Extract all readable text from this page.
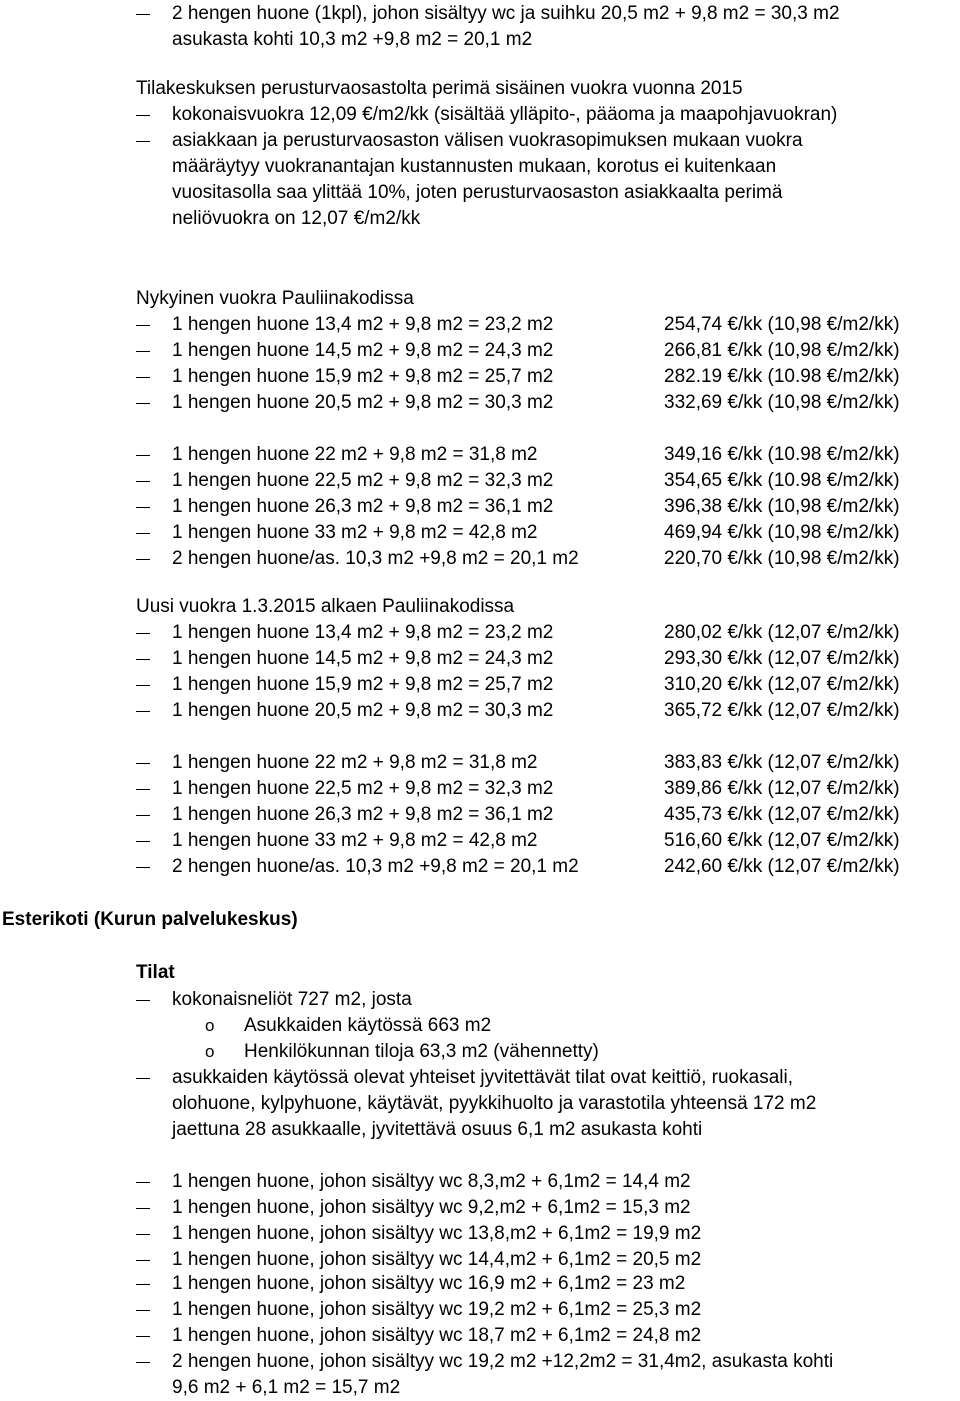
2 hengen huone (1kpl), johon sisältyy wc ja suihku 20,5 m2 + 9,8 m2 = 30,3 m2
asukasta kohti 10,3 m2 +9,8 m2 = 20,1 m2
Tilakeskuksen perusturvaosastolta perimä sisäinen vuokra vuonna 2015
kokonaisvuokra 12,09 €/m2/kk (sisältää ylläpito-, pääoma ja maapohjavuokran)
asiakkaan ja perusturvaosaston välisen vuokrasopimuksen mukaan vuokra
määräytyy vuokranantajan kustannusten mukaan, korotus ei kuitenkaan
vuositasolla saa ylittää 10%, joten perusturvaosaston asiakkaalta perimä
neliövuokra on 12,07 €/m2/kk
Nykyinen vuokra Pauliinakodissa
1 hengen huone 13,4 m2 + 9,8 m2 = 23,2 m2	254,74 €/kk (10,98 €/m2/kk)
1 hengen huone 14,5 m2 + 9,8 m2 = 24,3 m2	266,81 €/kk (10,98 €/m2/kk)
1 hengen huone 15,9 m2 + 9,8 m2 = 25,7 m2	282.19 €/kk (10.98 €/m2/kk)
1 hengen huone 20,5 m2 + 9,8 m2 = 30,3 m2	332,69 €/kk (10,98 €/m2/kk)
1 hengen huone 22 m2 + 9,8 m2 = 31,8 m2	349,16 €/kk (10.98 €/m2/kk)
1 hengen huone 22,5 m2 + 9,8 m2 = 32,3 m2	354,65 €/kk (10.98 €/m2/kk)
1 hengen huone 26,3 m2 + 9,8 m2 = 36,1 m2	396,38 €/kk (10,98 €/m2/kk)
1 hengen huone 33 m2 + 9,8 m2 = 42,8 m2	469,94 €/kk (10,98 €/m2/kk)
2 hengen huone/as. 10,3 m2 +9,8 m2 = 20,1 m2	220,70 €/kk (10,98 €/m2/kk)
Uusi vuokra 1.3.2015 alkaen Pauliinakodissa
1 hengen huone 13,4 m2 + 9,8 m2 = 23,2 m2	280,02 €/kk (12,07 €/m2/kk)
1 hengen huone 14,5 m2 + 9,8 m2 = 24,3 m2	293,30 €/kk (12,07 €/m2/kk)
1 hengen huone 15,9 m2 + 9,8 m2 = 25,7 m2	310,20 €/kk (12,07 €/m2/kk)
1 hengen huone 20,5 m2 + 9,8 m2 = 30,3 m2	365,72 €/kk (12,07 €/m2/kk)
1 hengen huone 22 m2 + 9,8 m2 = 31,8 m2	383,83 €/kk (12,07 €/m2/kk)
1 hengen huone 22,5 m2 + 9,8 m2 = 32,3 m2	389,86 €/kk (12,07 €/m2/kk)
1 hengen huone 26,3 m2 + 9,8 m2 = 36,1 m2	435,73 €/kk (12,07 €/m2/kk)
1 hengen huone 33 m2 + 9,8 m2 = 42,8 m2	516,60 €/kk (12,07 €/m2/kk)
2 hengen huone/as. 10,3 m2 +9,8 m2 = 20,1 m2	242,60 €/kk (12,07 €/m2/kk)
Esterikoti (Kurun palvelukeskus)
Tilat
kokonaisneliöt 727 m2, josta
o Asukkaiden käytössä 663 m2
o Henkilökunnan tiloja 63,3 m2 (vähennetty)
asukkaiden käytössä olevat yhteiset jyvitettävät tilat ovat keittiö, ruokasali,
olohuone, kylpyhuone, käytävät, pyykkihuolto ja varastotila yhteensä 172 m2
jaettuna 28 asukkaalle, jyvitettävä osuus 6,1 m2 asukasta kohti
1 hengen huone, johon sisältyy wc 8,3,m2 + 6,1m2 = 14,4 m2
1 hengen huone, johon sisältyy wc 9,2,m2 + 6,1m2 = 15,3 m2
1 hengen huone, johon sisältyy wc 13,8,m2 + 6,1m2 = 19,9 m2
1 hengen huone, johon sisältyy wc 14,4,m2 + 6,1m2 = 20,5 m2
1 hengen huone, johon sisältyy wc 16,9 m2 + 6,1m2 = 23 m2
1 hengen huone, johon sisältyy wc 19,2 m2 + 6,1m2 = 25,3 m2
1 hengen huone, johon sisältyy wc 18,7 m2 + 6,1m2 = 24,8 m2
2 hengen huone, johon sisältyy wc 19,2 m2 +12,2m2 = 31,4m2, asukasta kohti
9,6 m2 + 6,1 m2 = 15,7 m2
